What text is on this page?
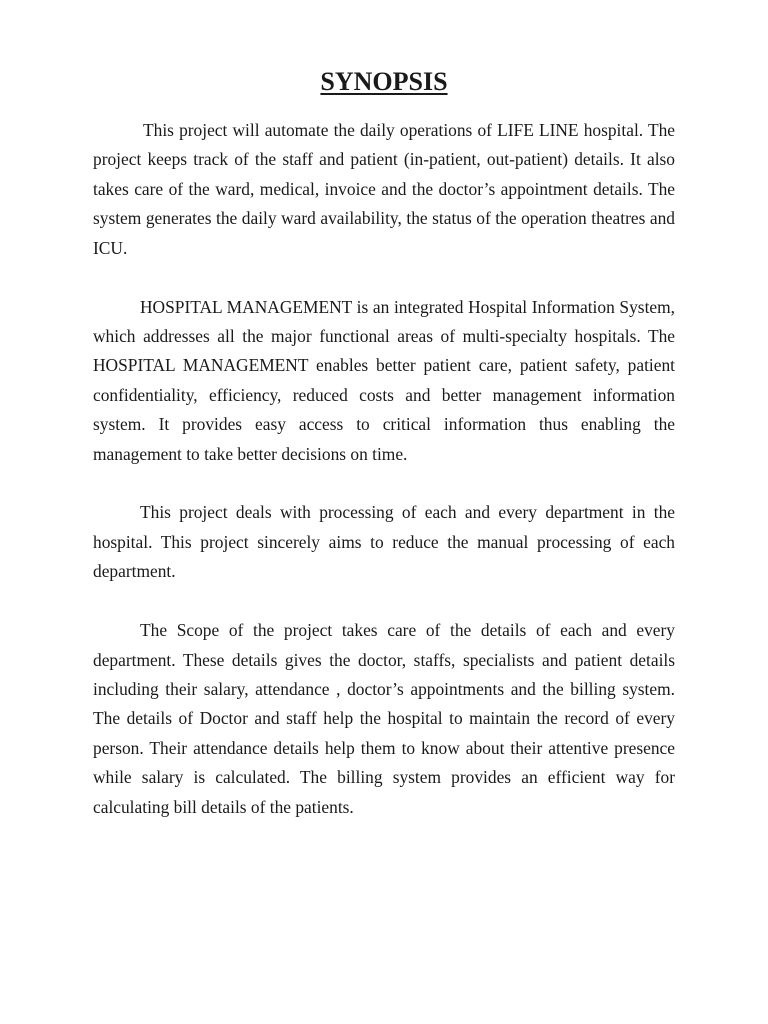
SYNOPSIS

This project will automate the daily operations of LIFE LINE hospital. The project keeps track of the staff and patient (in-patient, out-patient) details. It also takes care of the ward, medical, invoice and the doctor’s appointment details. The system generates the daily ward availability, the status of the operation theatres and ICU.

HOSPITAL MANAGEMENT is an integrated Hospital Information System, which addresses all the major functional areas of multi-specialty hospitals. The HOSPITAL MANAGEMENT enables better patient care, patient safety, patient confidentiality, efficiency, reduced costs and better management information system. It provides easy access to critical information thus enabling the management to take better decisions on time.

This project deals with processing of each and every department in the hospital. This project sincerely aims to reduce the manual processing of each department.

The Scope of the project takes care of the details of each and every department. These details gives the doctor, staffs, specialists and patient details including their salary, attendance , doctor’s appointments and the billing system. The details of Doctor and staff help the hospital to maintain the record of every person. Their attendance details help them to know about their attentive presence while salary is calculated. The billing system provides an efficient way for calculating bill details of the patients.
